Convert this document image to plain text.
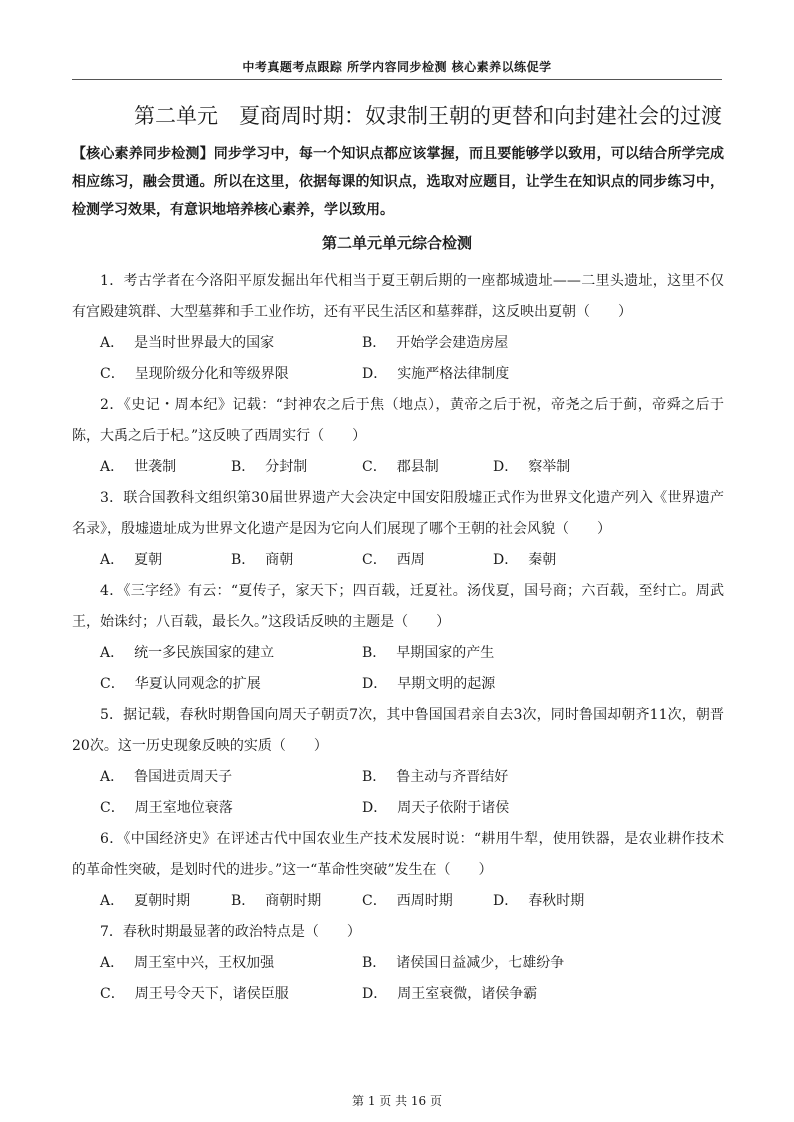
中考真题考点跟踪 所学内容同步检测 核心素养以练促学
第二单元　夏商周时期：奴隶制王朝的更替和向封建社会的过渡
【核心素养同步检测】同步学习中，每一个知识点都应该掌握，而且要能够学以致用，可以结合所学完成相应练习，融会贯通。所以在这里，依据每课的知识点，选取对应题目，让学生在知识点的同步练习中，检测学习效果，有意识地培养核心素养，学以致用。
第二单元单元综合检测

1．考古学者在今洛阳平原发掘出年代相当于夏王朝后期的一座都城遗址——二里头遗址，这里不仅有宫殿建筑群、大型墓葬和手工业作坊，还有平民生活区和墓葬群，这反映出夏朝（　　）

A． 是当时世界最大的国家	B． 开始学会建造房屋
C． 呈现阶级分化和等级界限	D． 实施严格法律制度

2．《史记・周本纪》记载：“封神农之后于焦（地点），黄帝之后于祝，帝尧之后于蓟，帝舜之后于陈，大禹之后于杞。”这反映了西周实行（　　）

A． 世袭制	B． 分封制	C． 郡县制	D． 察举制

3．联合国教科文组织第30届世界遗产大会决定中国安阳殷墟正式作为世界文化遗产列入《世界遗产名录》，殷墟遗址成为世界文化遗产是因为它向人们展现了哪个王朝的社会风貌（　　）

A． 夏朝	B． 商朝	C． 西周	D． 秦朝

4．《三字经》有云：“夏传子，家天下；四百载，迁夏社。汤伐夏，国号商；六百载，至纣亡。周武王，始诛纣；八百载，最长久。”这段话反映的主题是（　　）

A． 统一多民族国家的建立	B． 早期国家的产生
C． 华夏认同观念的扩展	D． 早期文明的起源

5．据记载，春秋时期鲁国向周天子朝贡7次，其中鲁国国君亲自去3次，同时鲁国却朝齐11次，朝晋20次。这一历史现象反映的实质（　　）

A． 鲁国进贡周天子	B． 鲁主动与齐晋结好
C． 周王室地位衰落	D． 周天子依附于诸侯

6．《中国经济史》在评述古代中国农业生产技术发展时说：“耕用牛犁，使用铁器，是农业耕作技术的革命性突破，是划时代的进步。”这一“革命性突破”发生在（　　）

A． 夏朝时期	B． 商朝时期	C． 西周时期	D． 春秋时期

7．春秋时期最显著的政治特点是（　　）

A． 周王室中兴，王权加强	B． 诸侯国日益减少，七雄纷争
C． 周王号令天下，诸侯臣服	D． 周王室衰微，诸侯争霸
第 1 页 共 16 页
